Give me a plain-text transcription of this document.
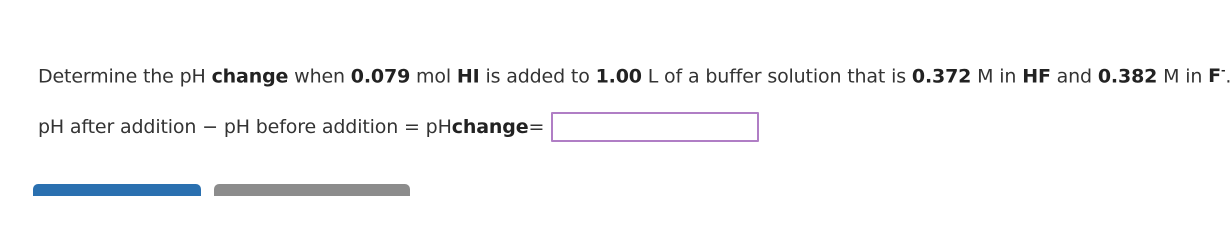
Determine the pH change when 0.079 mol HI is added to 1.00 L of a buffer solution that is 0.372 M in HF and 0.382 M in F-.
pH after addition − pH before addition = pH change =
